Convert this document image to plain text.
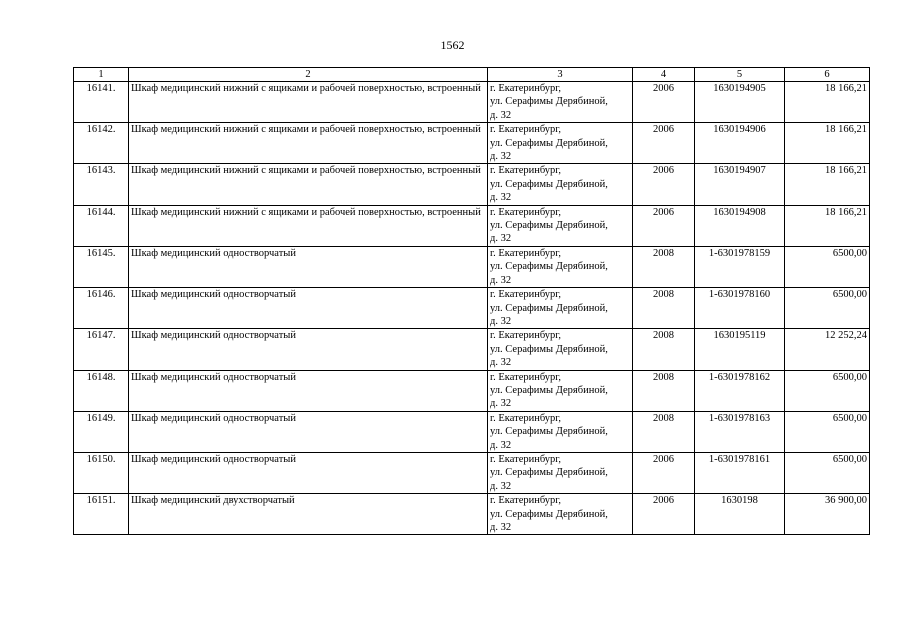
1562
1	2	3	4	5	6
16141.	Шкаф медицинский нижний с ящиками и рабочей поверхностью, встроенный	г. Екатеринбург,
ул. Серафимы Дерябиной,
д. 32	2006	1630194905	18 166,21
16142.	Шкаф медицинский нижний с ящиками и рабочей поверхностью, встроенный	г. Екатеринбург,
ул. Серафимы Дерябиной,
д. 32	2006	1630194906	18 166,21
16143.	Шкаф медицинский нижний с ящиками и рабочей поверхностью, встроенный	г. Екатеринбург,
ул. Серафимы Дерябиной,
д. 32	2006	1630194907	18 166,21
16144.	Шкаф медицинский нижний с ящиками и рабочей поверхностью, встроенный	г. Екатеринбург,
ул. Серафимы Дерябиной,
д. 32	2006	1630194908	18 166,21
16145.	Шкаф медицинский одностворчатый	г. Екатеринбург,
ул. Серафимы Дерябиной,
д. 32	2008	1-6301978159	6500,00
16146.	Шкаф медицинский одностворчатый	г. Екатеринбург,
ул. Серафимы Дерябиной,
д. 32	2008	1-6301978160	6500,00
16147.	Шкаф медицинский одностворчатый	г. Екатеринбург,
ул. Серафимы Дерябиной,
д. 32	2008	1630195119	12 252,24
16148.	Шкаф медицинский одностворчатый	г. Екатеринбург,
ул. Серафимы Дерябиной,
д. 32	2008	1-6301978162	6500,00
16149.	Шкаф медицинский одностворчатый	г. Екатеринбург,
ул. Серафимы Дерябиной,
д. 32	2008	1-6301978163	6500,00
16150.	Шкаф медицинский одностворчатый	г. Екатеринбург,
ул. Серафимы Дерябиной,
д. 32	2006	1-6301978161	6500,00
16151.	Шкаф медицинский двухстворчатый	г. Екатеринбург,
ул. Серафимы Дерябиной,
д. 32	2006	1630198	36 900,00
